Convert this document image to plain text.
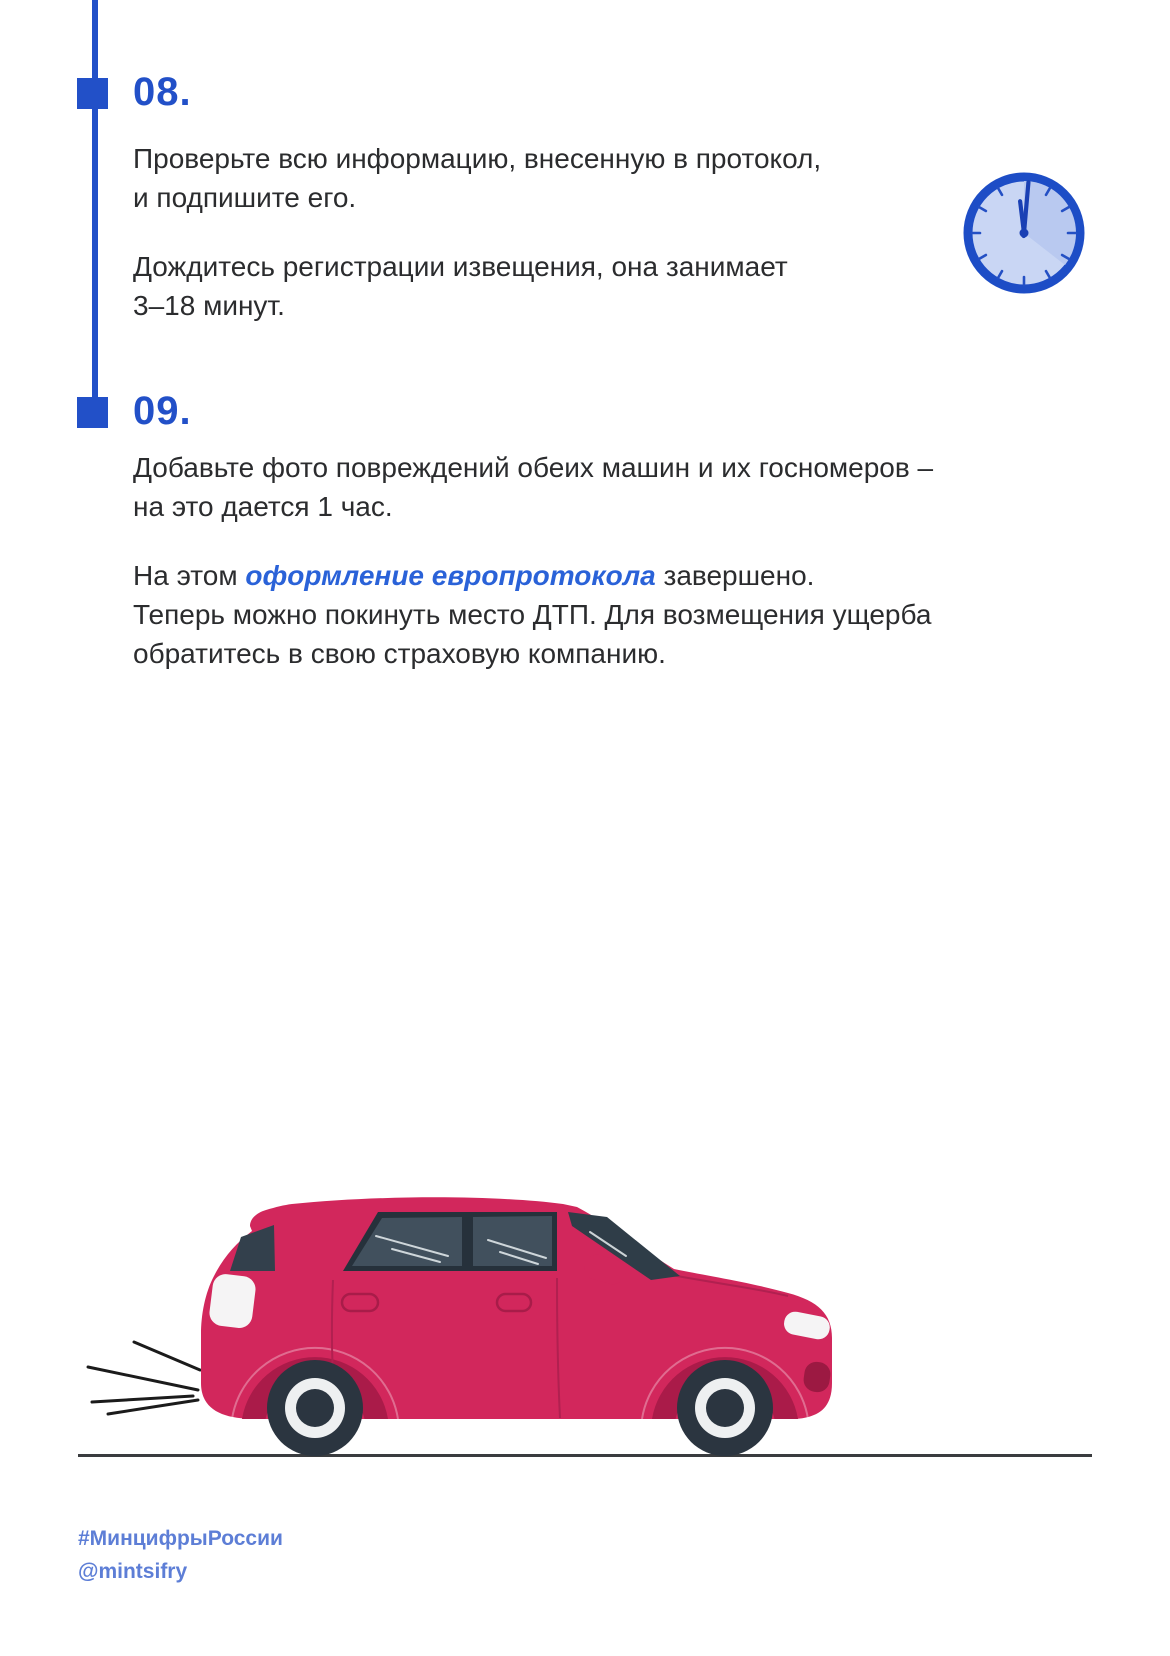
08.

Проверьте всю информацию, внесенную в протокол,
и подпишите его.

Дождитесь регистрации извещения, она занимает
3–18 минут.

09.

Добавьте фото повреждений обеих машин и их госномеров –
на это дается 1 час.

На этом оформление европротокола завершено.
Теперь можно покинуть место ДТП. Для возмещения ущерба
обратитесь в свою страховую компанию.

#МинцифрыРоссии
@mintsifry
